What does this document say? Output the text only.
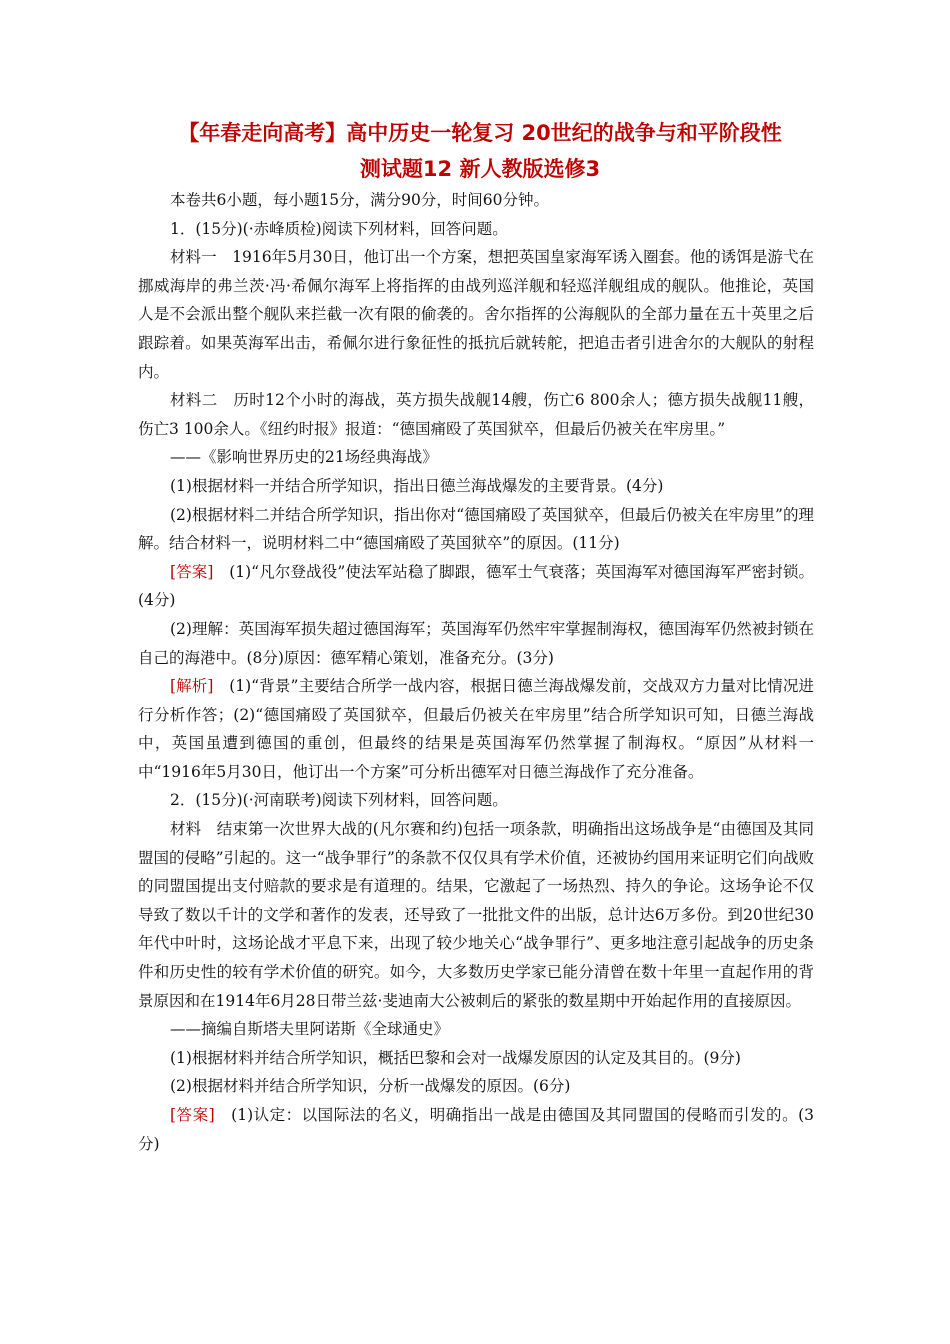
【年春走向高考】高中历史一轮复习 20世纪的战争与和平阶段性
测试题12 新人教版选修3

本卷共6小题，每小题15分，满分90分，时间60分钟。

1．(15分)(·赤峰质检)阅读下列材料，回答问题。

材料一　1916年5月30日，他订出一个方案，想把英国皇家海军诱入圈套。他的诱饵是游弋在挪威海岸的弗兰茨·冯·希佩尔海军上将指挥的由战列巡洋舰和轻巡洋舰组成的舰队。他推论，英国人是不会派出整个舰队来拦截一次有限的偷袭的。舍尔指挥的公海舰队的全部力量在五十英里之后跟踪着。如果英海军出击，希佩尔进行象征性的抵抗后就转舵，把追击者引进舍尔的大舰队的射程内。

材料二　历时12个小时的海战，英方损失战舰14艘，伤亡6 800余人；德方损失战舰11艘，伤亡3 100余人。《纽约时报》报道：“德国痛殴了英国狱卒，但最后仍被关在牢房里。”

——《影响世界历史的21场经典海战》

(1)根据材料一并结合所学知识，指出日德兰海战爆发的主要背景。(4分)

(2)根据材料二并结合所学知识，指出你对“德国痛殴了英国狱卒，但最后仍被关在牢房里”的理解。结合材料一，说明材料二中“德国痛殴了英国狱卒”的原因。(11分)

[答案]　(1)“凡尔登战役”使法军站稳了脚跟，德军士气衰落；英国海军对德国海军严密封锁。(4分)

(2)理解：英国海军损失超过德国海军；英国海军仍然牢牢掌握制海权，德国海军仍然被封锁在自己的海港中。(8分)原因：德军精心策划，准备充分。(3分)

[解析]　(1)“背景”主要结合所学一战内容，根据日德兰海战爆发前，交战双方力量对比情况进行分析作答；(2)“德国痛殴了英国狱卒，但最后仍被关在牢房里”结合所学知识可知，日德兰海战中，英国虽遭到德国的重创，但最终的结果是英国海军仍然掌握了制海权。“原因”从材料一中“1916年5月30日，他订出一个方案”可分析出德军对日德兰海战作了充分准备。

2．(15分)(·河南联考)阅读下列材料，回答问题。

材料　结束第一次世界大战的(凡尔赛和约)包括一项条款，明确指出这场战争是“由德国及其同盟国的侵略”引起的。这一“战争罪行”的条款不仅仅具有学术价值，还被协约国用来证明它们向战败的同盟国提出支付赔款的要求是有道理的。结果，它激起了一场热烈、持久的争论。这场争论不仅导致了数以千计的文学和著作的发表，还导致了一批批文件的出版，总计达6万多份。到20世纪30年代中叶时，这场论战才平息下来，出现了较少地关心“战争罪行”、更多地注意引起战争的历史条件和历史性的较有学术价值的研究。如今，大多数历史学家已能分清曾在数十年里一直起作用的背景原因和在1914年6月28日带兰兹·斐迪南大公被刺后的紧张的数星期中开始起作用的直接原因。

——摘编自斯塔夫里阿诺斯《全球通史》

(1)根据材料并结合所学知识，概括巴黎和会对一战爆发原因的认定及其目的。(9分)

(2)根据材料并结合所学知识，分析一战爆发的原因。(6分)

[答案]　(1)认定：以国际法的名义，明确指出一战是由德国及其同盟国的侵略而引发的。(3分)
